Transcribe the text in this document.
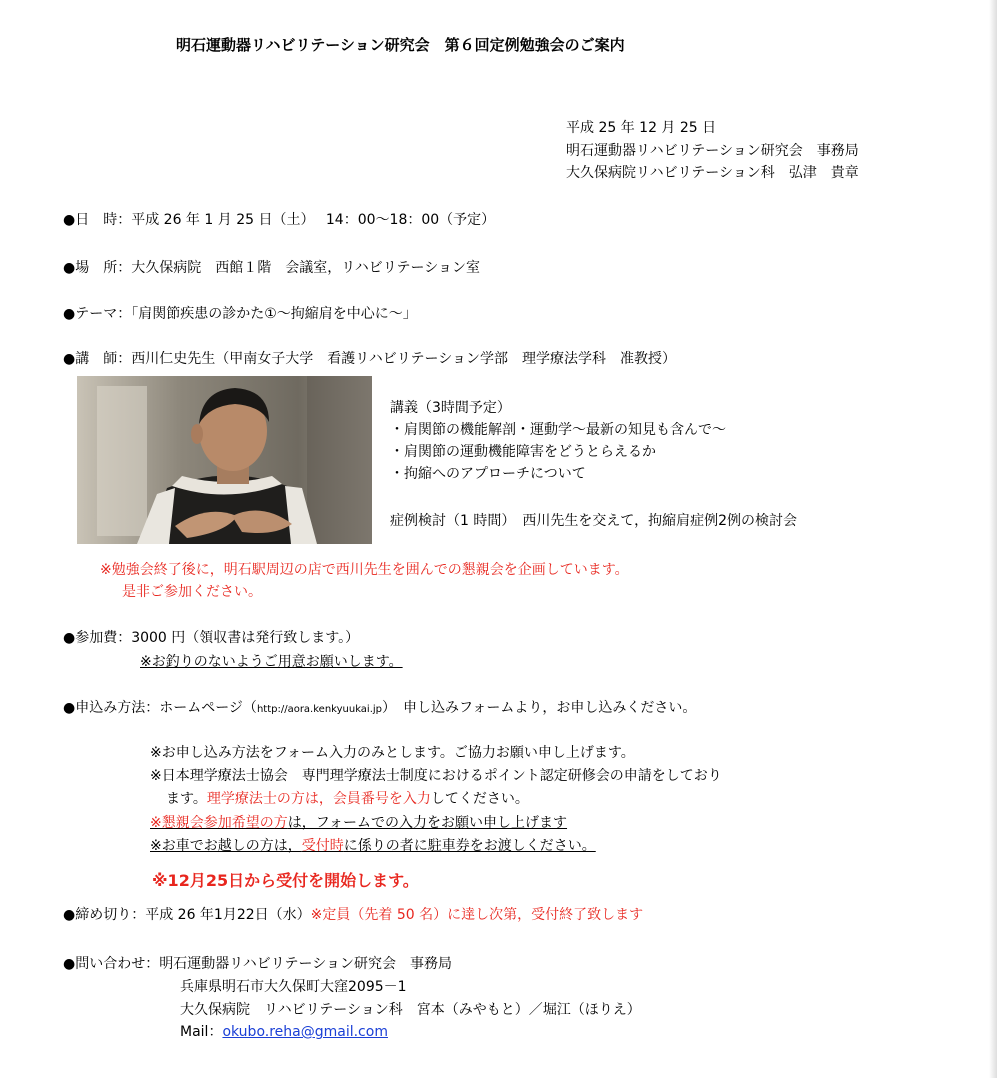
明石運動器リハビリテーション研究会　第６回定例勉強会のご案内
平成 25 年 12 月 25 日
明石運動器リハビリテーション研究会　事務局
大久保病院リハビリテーション科　弘津　貴章
●日　時：平成 26 年 1 月 25 日（土）　 14：00～18：00（予定）
●場　所：大久保病院　西館１階　会議室，リハビリテーション室
●テーマ：「肩関節疾患の診かた①～拘縮肩を中心に～」
●講　師：西川仁史先生（甲南女子大学　看護リハビリテーション学部　理学療法学科　准教授）
講義（3時間予定）
・肩関節の機能解剖・運動学～最新の知見も含んで～
・肩関節の運動機能障害をどうとらえるか
・拘縮へのアプローチについて
症例検討（1 時間）　西川先生を交えて，拘縮肩症例2例の検討会
※勉強会終了後に，明石駅周辺の店で西川先生を囲んでの懇親会を企画しています。
是非ご参加ください。
●参加費：3000 円（領収書は発行致します。）
※お釣りのないようご用意お願いします。
●申込み方法：ホームページ（http://aora.kenkyuukai.jp）　申し込みフォームより，お申し込みください。
※お申し込み方法をフォーム入力のみとします。ご協力お願い申し上げます。
※日本理学療法士協会　専門理学療法士制度におけるポイント認定研修会の申請をしており
ます。理学療法士の方は，会員番号を入力してください。
※懇親会参加希望の方は，フォームでの入力をお願い申し上げます
※お車でお越しの方は，受付時に係りの者に駐車券をお渡しください。
※12月25日から受付を開始します。
●締め切り：平成 26 年1月22日（水）※定員（先着 50 名）に達し次第，受付終了致します
●問い合わせ：明石運動器リハビリテーション研究会　事務局
兵庫県明石市大久保町大窪2095－1
大久保病院　リハビリテーション科　宮本（みやもと）／堀江（ほりえ）
Mail：okubo.reha@gmail.com
